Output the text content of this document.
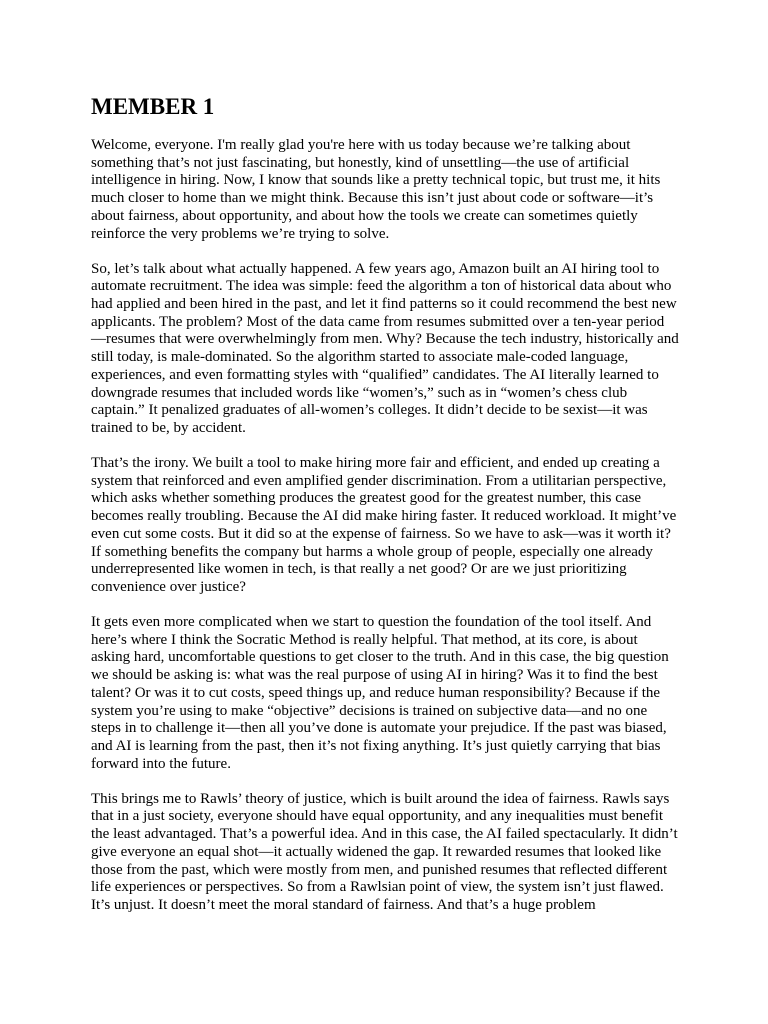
MEMBER 1

Welcome, everyone. I'm really glad you're here with us today because we’re talking about something that’s not just fascinating, but honestly, kind of unsettling—the use of artificial intelligence in hiring. Now, I know that sounds like a pretty technical topic, but trust me, it hits much closer to home than we might think. Because this isn’t just about code or software—it’s about fairness, about opportunity, and about how the tools we create can sometimes quietly reinforce the very problems we’re trying to solve.

So, let’s talk about what actually happened. A few years ago, Amazon built an AI hiring tool to automate recruitment. The idea was simple: feed the algorithm a ton of historical data about who had applied and been hired in the past, and let it find patterns so it could recommend the best new applicants. The problem? Most of the data came from resumes submitted over a ten-year period—resumes that were overwhelmingly from men. Why? Because the tech industry, historically and still today, is male-dominated. So the algorithm started to associate male-coded language, experiences, and even formatting styles with “qualified” candidates. The AI literally learned to downgrade resumes that included words like “women’s,” such as in “women’s chess club captain.” It penalized graduates of all-women’s colleges. It didn’t decide to be sexist—it was trained to be, by accident.

That’s the irony. We built a tool to make hiring more fair and efficient, and ended up creating a system that reinforced and even amplified gender discrimination. From a utilitarian perspective, which asks whether something produces the greatest good for the greatest number, this case becomes really troubling. Because the AI did make hiring faster. It reduced workload. It might’ve even cut some costs. But it did so at the expense of fairness. So we have to ask—was it worth it? If something benefits the company but harms a whole group of people, especially one already underrepresented like women in tech, is that really a net good? Or are we just prioritizing convenience over justice?

It gets even more complicated when we start to question the foundation of the tool itself. And here’s where I think the Socratic Method is really helpful. That method, at its core, is about asking hard, uncomfortable questions to get closer to the truth. And in this case, the big question we should be asking is: what was the real purpose of using AI in hiring? Was it to find the best talent? Or was it to cut costs, speed things up, and reduce human responsibility? Because if the system you’re using to make “objective” decisions is trained on subjective data—and no one steps in to challenge it—then all you’ve done is automate your prejudice. If the past was biased, and AI is learning from the past, then it’s not fixing anything. It’s just quietly carrying that bias forward into the future.

This brings me to Rawls’ theory of justice, which is built around the idea of fairness. Rawls says that in a just society, everyone should have equal opportunity, and any inequalities must benefit the least advantaged. That’s a powerful idea. And in this case, the AI failed spectacularly. It didn’t give everyone an equal shot—it actually widened the gap. It rewarded resumes that looked like those from the past, which were mostly from men, and punished resumes that reflected different life experiences or perspectives. So from a Rawlsian point of view, the system isn’t just flawed. It’s unjust. It doesn’t meet the moral standard of fairness. And that’s a huge problem
